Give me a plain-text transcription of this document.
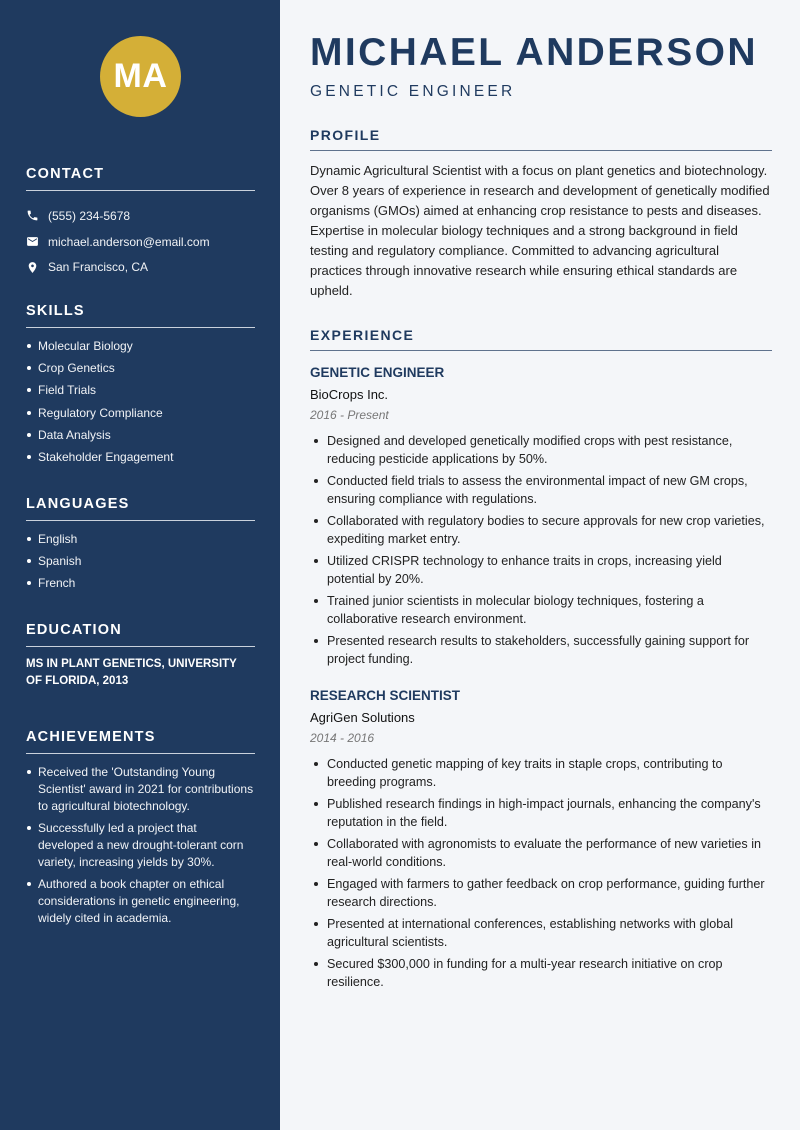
MA
CONTACT
(555) 234-5678
michael.anderson@email.com
San Francisco, CA
SKILLS
Molecular Biology
Crop Genetics
Field Trials
Regulatory Compliance
Data Analysis
Stakeholder Engagement
LANGUAGES
English
Spanish
French
EDUCATION
MS IN PLANT GENETICS, UNIVERSITY OF FLORIDA, 2013
ACHIEVEMENTS
Received the 'Outstanding Young Scientist' award in 2021 for contributions to agricultural biotechnology.
Successfully led a project that developed a new drought-tolerant corn variety, increasing yields by 30%.
Authored a book chapter on ethical considerations in genetic engineering, widely cited in academia.
MICHAEL ANDERSON
GENETIC ENGINEER
PROFILE
Dynamic Agricultural Scientist with a focus on plant genetics and biotechnology. Over 8 years of experience in research and development of genetically modified organisms (GMOs) aimed at enhancing crop resistance to pests and diseases. Expertise in molecular biology techniques and a strong background in field testing and regulatory compliance. Committed to advancing agricultural practices through innovative research while ensuring ethical standards are upheld.
EXPERIENCE
GENETIC ENGINEER
BioCrops Inc.
2016 - Present
Designed and developed genetically modified crops with pest resistance, reducing pesticide applications by 50%.
Conducted field trials to assess the environmental impact of new GM crops, ensuring compliance with regulations.
Collaborated with regulatory bodies to secure approvals for new crop varieties, expediting market entry.
Utilized CRISPR technology to enhance traits in crops, increasing yield potential by 20%.
Trained junior scientists in molecular biology techniques, fostering a collaborative research environment.
Presented research results to stakeholders, successfully gaining support for project funding.
RESEARCH SCIENTIST
AgriGen Solutions
2014 - 2016
Conducted genetic mapping of key traits in staple crops, contributing to breeding programs.
Published research findings in high-impact journals, enhancing the company's reputation in the field.
Collaborated with agronomists to evaluate the performance of new varieties in real-world conditions.
Engaged with farmers to gather feedback on crop performance, guiding further research directions.
Presented at international conferences, establishing networks with global agricultural scientists.
Secured $300,000 in funding for a multi-year research initiative on crop resilience.
